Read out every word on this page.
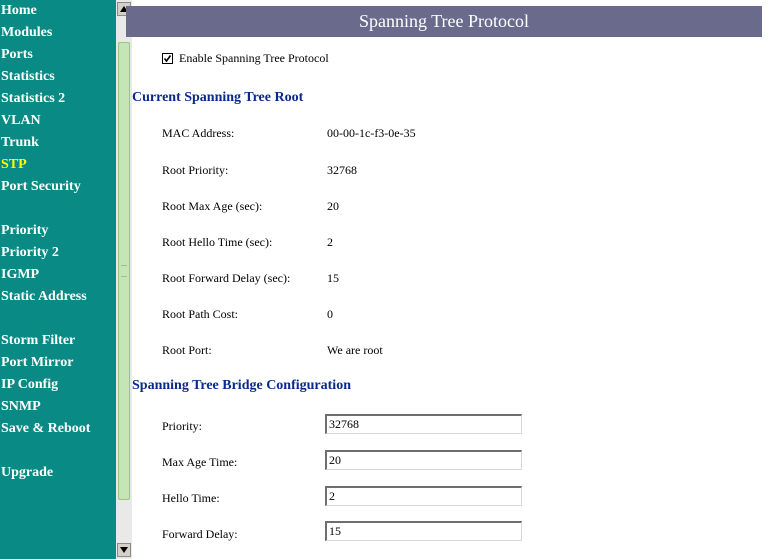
Home
Modules
Ports
Statistics
Statistics 2
VLAN
Trunk
STP
Port Security
Priority
Priority 2
IGMP
Static Address
Storm Filter
Port Mirror
IP Config
SNMP
Save & Reboot
Upgrade
Spanning Tree Protocol
Enable Spanning Tree Protocol
Current Spanning Tree Root
MAC Address:	00-00-1c-f3-0e-35
Root Priority:	32768
Root Max Age (sec):	20
Root Hello Time (sec):	2
Root Forward Delay (sec):	15
Root Path Cost:	0
Root Port:	We are root
Spanning Tree Bridge Configuration
Priority:
32768
Max Age Time:
20
Hello Time:
2
Forward Delay:
15
